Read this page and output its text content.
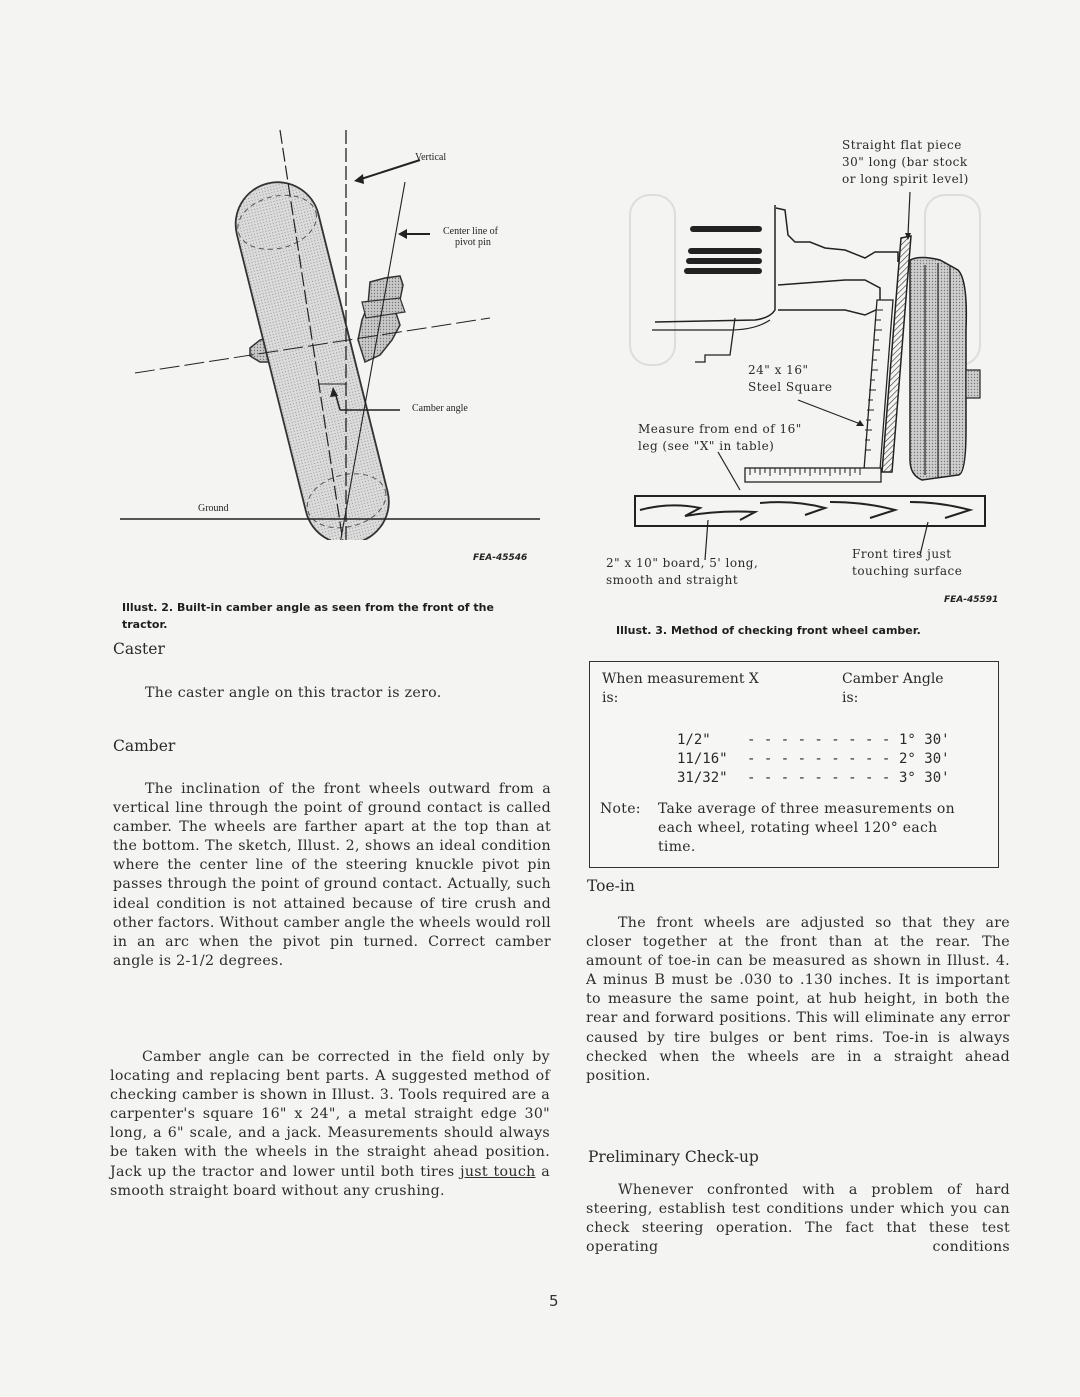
Vertical
Center line of
pivot pin
Camber angle
Ground
FEA-45546
Illust. 2. Built-in camber angle as seen from the front of the tractor.
Straight flat piece
30" long (bar stock
or long spirit level)
24" x 16"
Steel Square
Measure from end of 16"
leg (see "X" in table)
2" x 10" board, 5' long,
smooth and straight
Front tires just
touching surface
FEA-45591
Illust. 3. Method of checking front wheel camber.
Caster

The caster angle on this tractor is zero.

Camber

The inclination of the front wheels outward from a vertical line through the point of ground contact is called camber. The wheels are farther apart at the top than at the bottom. The sketch, Illust. 2, shows an ideal condition where the center line of the steering knuckle pivot pin passes through the point of ground contact. Actually, such ideal condition is not attained because of tire crush and other factors. Without camber angle the wheels would roll in an arc when the pivot pin turned. Correct camber angle is 2-1/2 degrees.

Camber angle can be corrected in the field only by locating and replacing bent parts. A suggested method of checking camber is shown in Illust. 3. Tools required are a carpenter's square 16" x 24", a metal straight edge 30" long, a 6" scale, and a jack. Measurements should always be taken with the wheels in the straight ahead position. Jack up the tractor and lower until both tires just touch a smooth straight board without any crushing.

When measurement X
is:
Camber Angle
is:
1/2"	- - - - - - - - - 1° 30'
11/16"	- - - - - - - - - 2° 30'
31/32"	- - - - - - - - - 3° 30'
Note:	Take average of three measurements on each wheel, rotating wheel 120° each time.
Toe-in

The front wheels are adjusted so that they are closer together at the front than at the rear. The amount of toe-in can be measured as shown in Illust. 4. A minus B must be .030 to .130 inches. It is important to measure the same point, at hub height, in both the rear and forward positions. This will eliminate any error caused by tire bulges or bent rims. Toe-in is always checked when the wheels are in a straight ahead position.

Preliminary Check-up

Whenever confronted with a problem of hard steering, establish test conditions under which you can check steering operation. The fact that these test operating conditions

5
